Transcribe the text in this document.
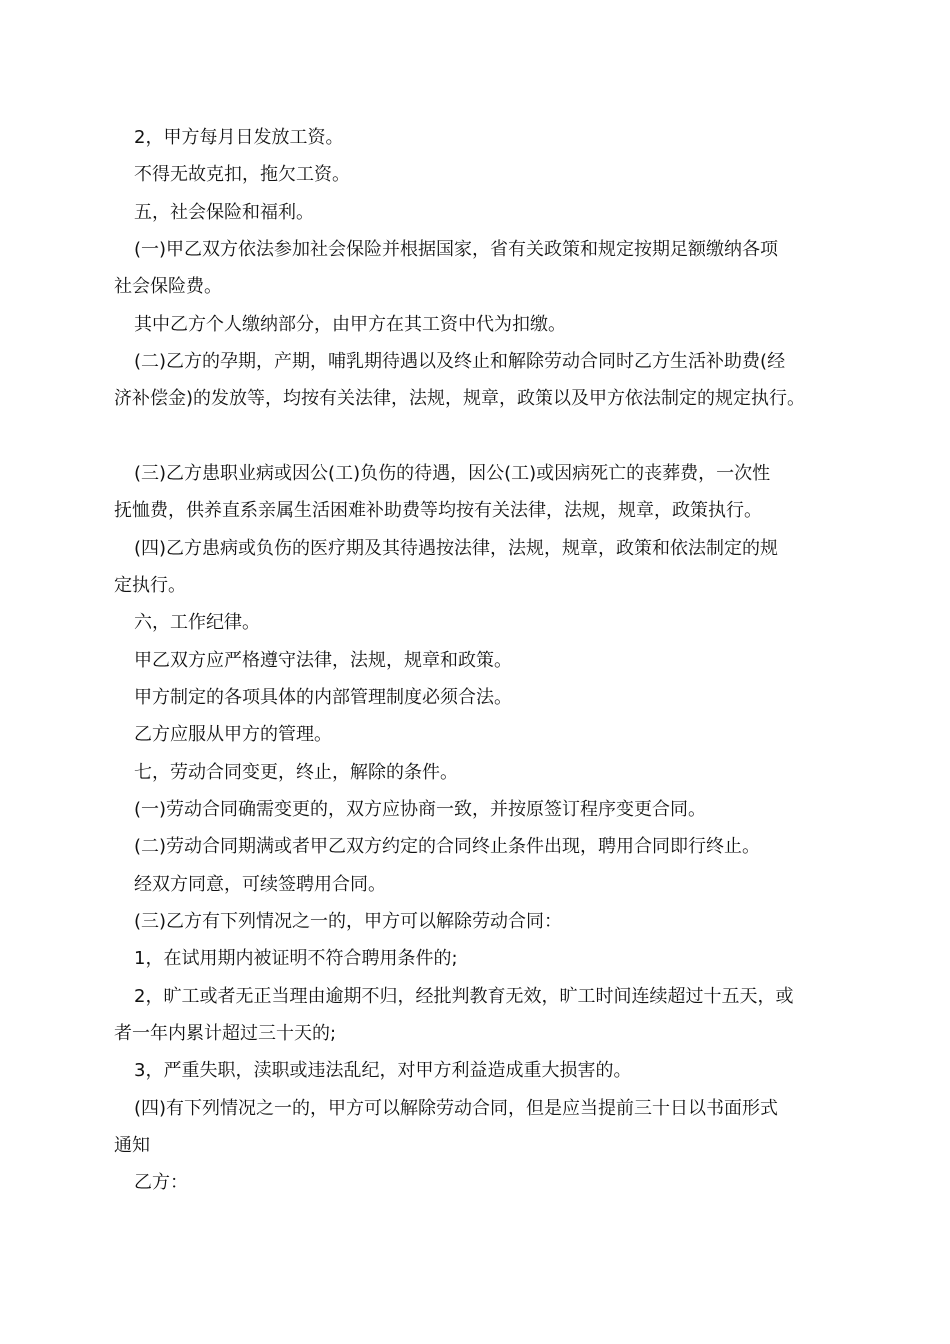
2，甲方每月日发放工资。
不得无故克扣，拖欠工资。
五，社会保险和福利。
(一)甲乙双方依法参加社会保险并根据国家，省有关政策和规定按期足额缴纳各项
社会保险费。
其中乙方个人缴纳部分，由甲方在其工资中代为扣缴。
(二)乙方的孕期，产期，哺乳期待遇以及终止和解除劳动合同时乙方生活补助费(经
济补偿金)的发放等，均按有关法律，法规，规章，政策以及甲方依法制定的规定执行。
(三)乙方患职业病或因公(工)负伤的待遇，因公(工)或因病死亡的丧葬费，一次性
抚恤费，供养直系亲属生活困难补助费等均按有关法律，法规，规章，政策执行。
(四)乙方患病或负伤的医疗期及其待遇按法律，法规，规章，政策和依法制定的规
定执行。
六，工作纪律。
甲乙双方应严格遵守法律，法规，规章和政策。
甲方制定的各项具体的内部管理制度必须合法。
乙方应服从甲方的管理。
七，劳动合同变更，终止，解除的条件。
(一)劳动合同确需变更的，双方应协商一致，并按原签订程序变更合同。
(二)劳动合同期满或者甲乙双方约定的合同终止条件出现，聘用合同即行终止。
经双方同意，可续签聘用合同。
(三)乙方有下列情况之一的，甲方可以解除劳动合同：
1，在试用期内被证明不符合聘用条件的;
2，旷工或者无正当理由逾期不归，经批判教育无效，旷工时间连续超过十五天，或
者一年内累计超过三十天的;
3，严重失职，渎职或违法乱纪，对甲方利益造成重大损害的。
(四)有下列情况之一的，甲方可以解除劳动合同，但是应当提前三十日以书面形式
通知
乙方：
